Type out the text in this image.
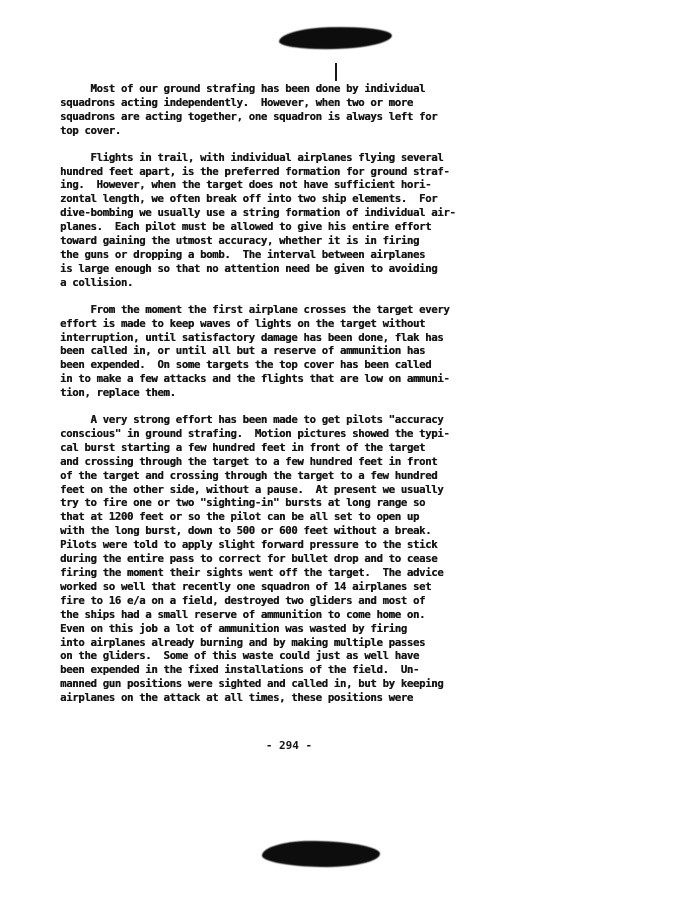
Most of our ground strafing has been done by individual
squadrons acting independently.  However, when two or more
squadrons are acting together, one squadron is always left for
top cover.

Flights in trail, with individual airplanes flying several
hundred feet apart, is the preferred formation for ground straf-
ing.  However, when the target does not have sufficient hori-
zontal length, we often break off into two ship elements.  For
dive-bombing we usually use a string formation of individual air-
planes.  Each pilot must be allowed to give his entire effort
toward gaining the utmost accuracy, whether it is in firing
the guns or dropping a bomb.  The interval between airplanes
is large enough so that no attention need be given to avoiding
a collision.

From the moment the first airplane crosses the target every
effort is made to keep waves of lights on the target without
interruption, until satisfactory damage has been done, flak has
been called in, or until all but a reserve of ammunition has
been expended.  On some targets the top cover has been called
in to make a few attacks and the flights that are low on ammuni-
tion, replace them.

A very strong effort has been made to get pilots "accuracy
conscious" in ground strafing.  Motion pictures showed the typi-
cal burst starting a few hundred feet in front of the target
and crossing through the target to a few hundred feet in front
of the target and crossing through the target to a few hundred
feet on the other side, without a pause.  At present we usually
try to fire one or two "sighting-in" bursts at long range so
that at 1200 feet or so the pilot can be all set to open up
with the long burst, down to 500 or 600 feet without a break.
Pilots were told to apply slight forward pressure to the stick
during the entire pass to correct for bullet drop and to cease
firing the moment their sights went off the target.  The advice
worked so well that recently one squadron of 14 airplanes set
fire to 16 e/a on a field, destroyed two gliders and most of
the ships had a small reserve of ammunition to come home on.
Even on this job a lot of ammunition was wasted by firing
into airplanes already burning and by making multiple passes
on the gliders.  Some of this waste could just as well have
been expended in the fixed installations of the field.  Un-
manned gun positions were sighted and called in, but by keeping
airplanes on the attack at all times, these positions were

- 294 -
